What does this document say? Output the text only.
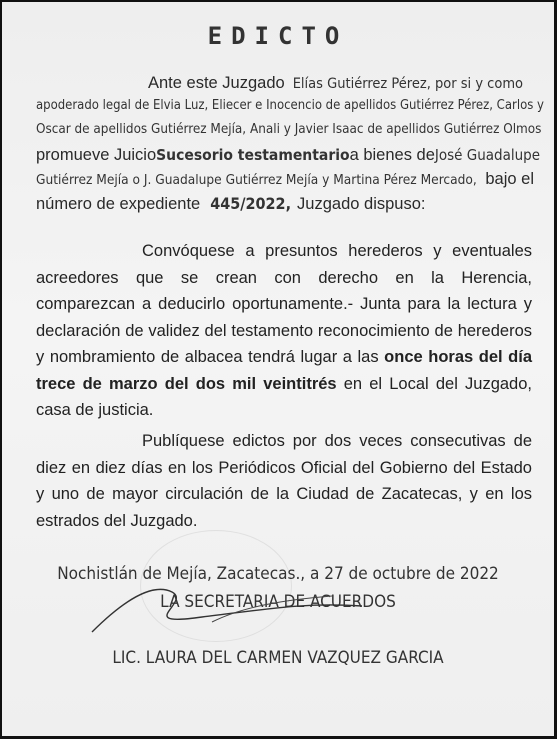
EDICTO
Ante este Juzgado Elías Gutiérrez Pérez, por si y como
apoderado legal de Elvia Luz, Eliecer e Inocencio de apellidos Gutiérrez Pérez, Carlos y
Oscar de apellidos Gutiérrez Mejía, Anali y Javier Isaac de apellidos Gutiérrez Olmos
promueve Juicio Sucesorio testamentario a bienes de José Guadalupe
Gutiérrez Mejía o J. Guadalupe Gutiérrez Mejía y Martina Pérez Mercado, bajo el
número de expediente 445/2022, Juzgado dispuso:
Convóquese a presuntos herederos y eventuales acreedores que se crean con derecho en la Herencia, comparezcan a deducirlo oportunamente.- Junta para la lectura y declaración de validez del testamento reconocimiento de herederos y nombramiento de albacea tendrá lugar a las once horas del día trece de marzo del dos mil veintitrés en el Local del Juzgado, casa de justicia.
Publíquese edictos por dos veces consecutivas de diez en diez días en los Periódicos Oficial del Gobierno del Estado y uno de mayor circulación de la Ciudad de Zacatecas, y en los estrados del Juzgado.
Nochistlán de Mejía, Zacatecas., a 27 de octubre de 2022
LA SECRETARIA DE ACUERDOS
LIC. LAURA DEL CARMEN VAZQUEZ GARCIA
